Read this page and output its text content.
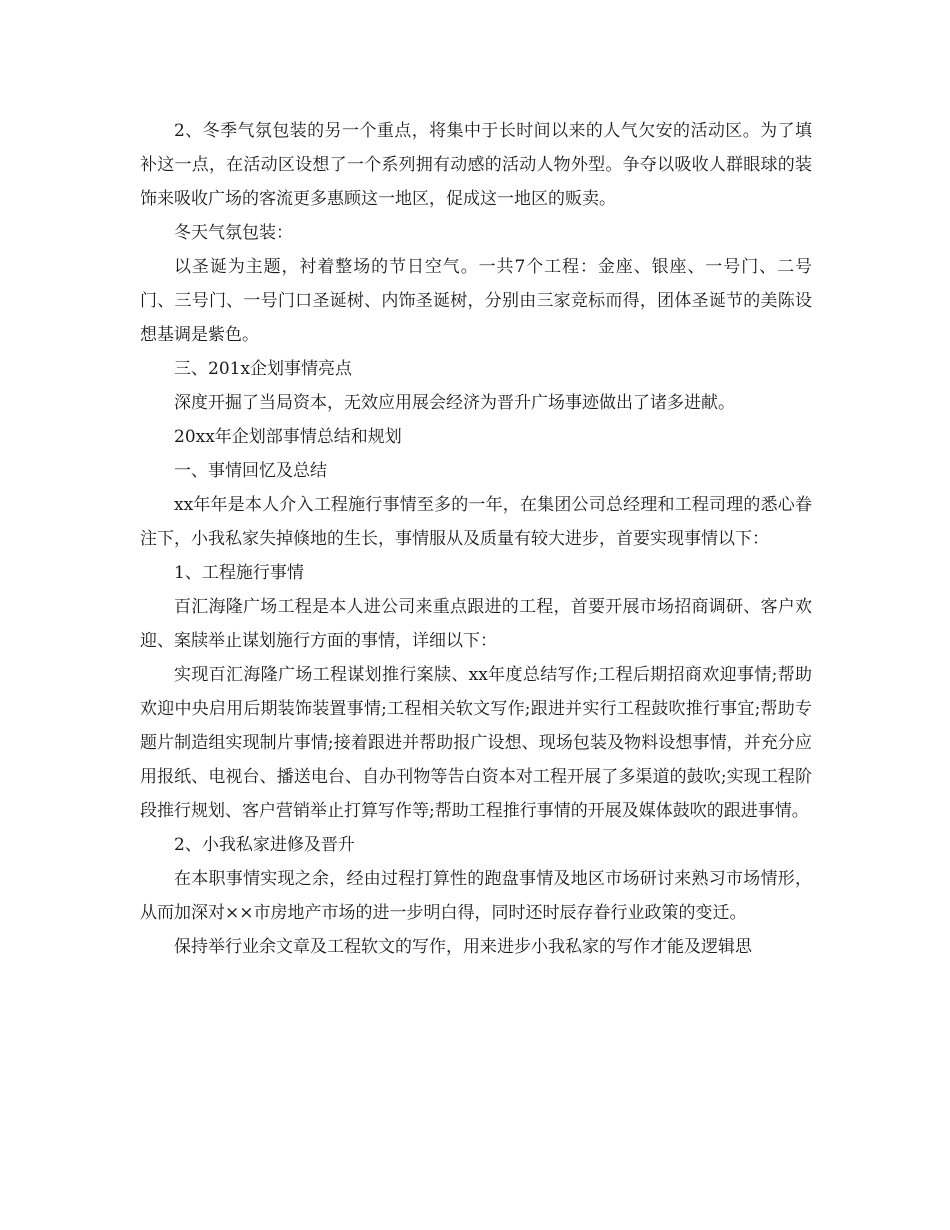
2、冬季气氛包装的另一个重点，将集中于长时间以来的人气欠安的活动区。为了填补这一点，在活动区设想了一个系列拥有动感的活动人物外型。争夺以吸收人群眼球的装饰来吸收广场的客流更多惠顾这一地区，促成这一地区的贩卖。

冬天气氛包装：

以圣诞为主题，衬着整场的节日空气。一共7个工程：金座、银座、一号门、二号门、三号门、一号门口圣诞树、内饰圣诞树，分别由三家竞标而得，团体圣诞节的美陈设想基调是紫色。

三、201x企划事情亮点

深度开掘了当局资本，无效应用展会经济为晋升广场事迹做出了诸多进献。

20xx年企划部事情总结和规划

一、事情回忆及总结

xx年年是本人介入工程施行事情至多的一年，在集团公司总经理和工程司理的悉心眷注下，小我私家失掉倏地的生长，事情服从及质量有较大进步，首要实现事情以下：

1、工程施行事情

百汇海隆广场工程是本人进公司来重点跟进的工程，首要开展市场招商调研、客户欢迎、案牍举止谋划施行方面的事情，详细以下：

实现百汇海隆广场工程谋划推行案牍、xx年度总结写作;工程后期招商欢迎事情;帮助欢迎中央启用后期装饰装置事情;工程相关软文写作;跟进并实行工程鼓吹推行事宜;帮助专题片制造组实现制片事情;接着跟进并帮助报广设想、现场包装及物料设想事情，并充分应用报纸、电视台、播送电台、自办刊物等告白资本对工程开展了多渠道的鼓吹;实现工程阶段推行规划、客户营销举止打算写作等;帮助工程推行事情的开展及媒体鼓吹的跟进事情。

2、小我私家进修及晋升

在本职事情实现之余，经由过程打算性的跑盘事情及地区市场研讨来熟习市场情形，从而加深对××市房地产市场的进一步明白得，同时还时辰存眷行业政策的变迁。

保持举行业余文章及工程软文的写作，用来进步小我私家的写作才能及逻辑思
